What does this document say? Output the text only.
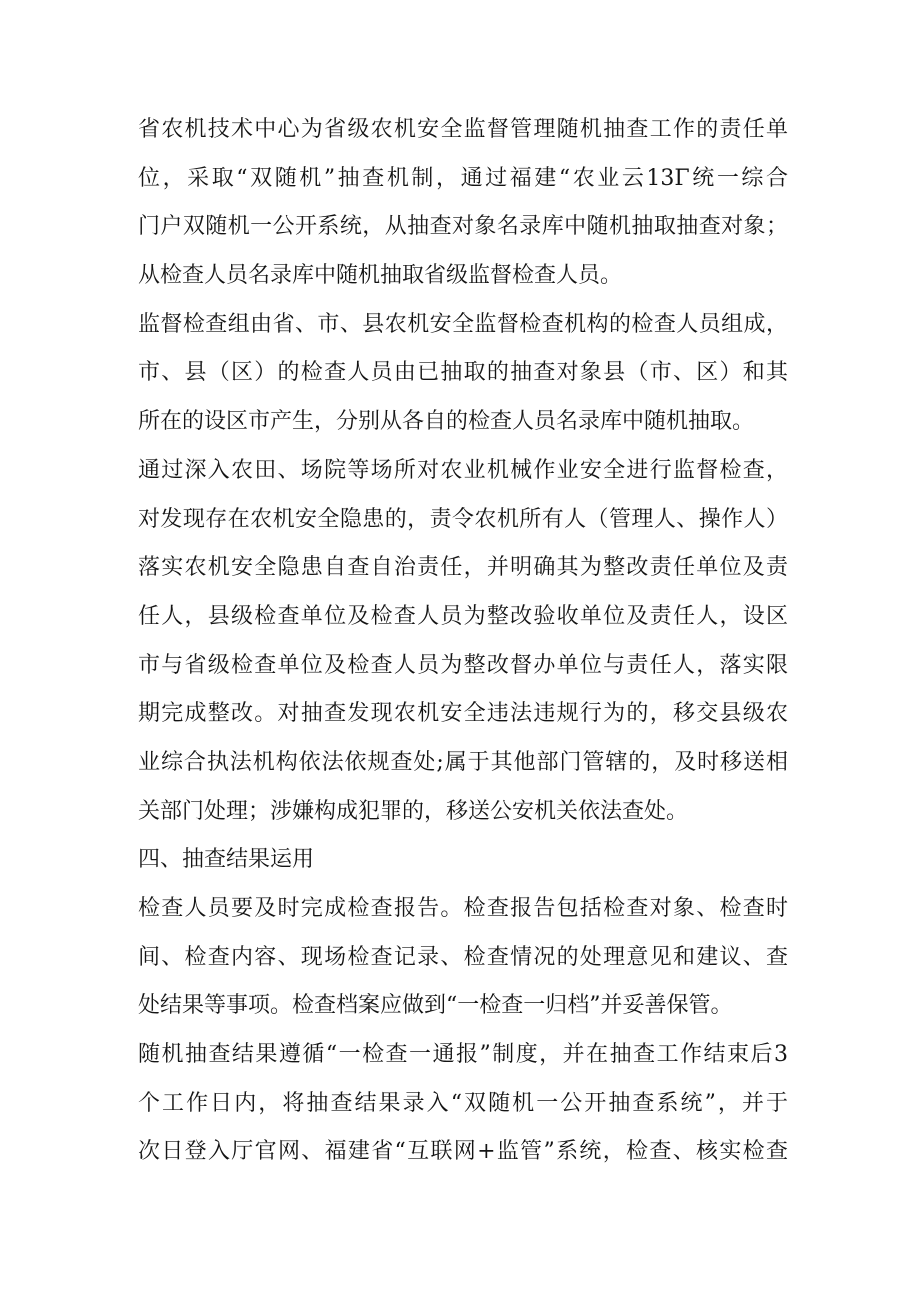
省农机技术中心为省级农机安全监督管理随机抽查工作的责任单
位，采取“双随机”抽查机制，通过福建“农业云13Γ统一综合
门户双随机一公开系统，从抽查对象名录库中随机抽取抽查对象；
从检查人员名录库中随机抽取省级监督检查人员。
监督检查组由省、市、县农机安全监督检查机构的检查人员组成，
市、县（区）的检查人员由已抽取的抽查对象县（市、区）和其
所在的设区市产生，分别从各自的检查人员名录库中随机抽取。
通过深入农田、场院等场所对农业机械作业安全进行监督检查，
对发现存在农机安全隐患的，责令农机所有人（管理人、操作人）
落实农机安全隐患自查自治责任，并明确其为整改责任单位及责
任人，县级检查单位及检查人员为整改验收单位及责任人，设区
市与省级检查单位及检查人员为整改督办单位与责任人，落实限
期完成整改。对抽查发现农机安全违法违规行为的，移交县级农
业综合执法机构依法依规查处;属于其他部门管辖的，及时移送相
关部门处理；涉嫌构成犯罪的，移送公安机关依法查处。
四、抽查结果运用
检查人员要及时完成检查报告。检查报告包括检查对象、检查时
间、检查内容、现场检查记录、检查情况的处理意见和建议、查
处结果等事项。检查档案应做到“一检查一归档”并妥善保管。
随机抽查结果遵循“一检查一通报”制度，并在抽查工作结束后3
个工作日内，将抽查结果录入“双随机一公开抽查系统”，并于
次日登入厅官网、福建省“互联网+监管”系统，检查、核实检查
